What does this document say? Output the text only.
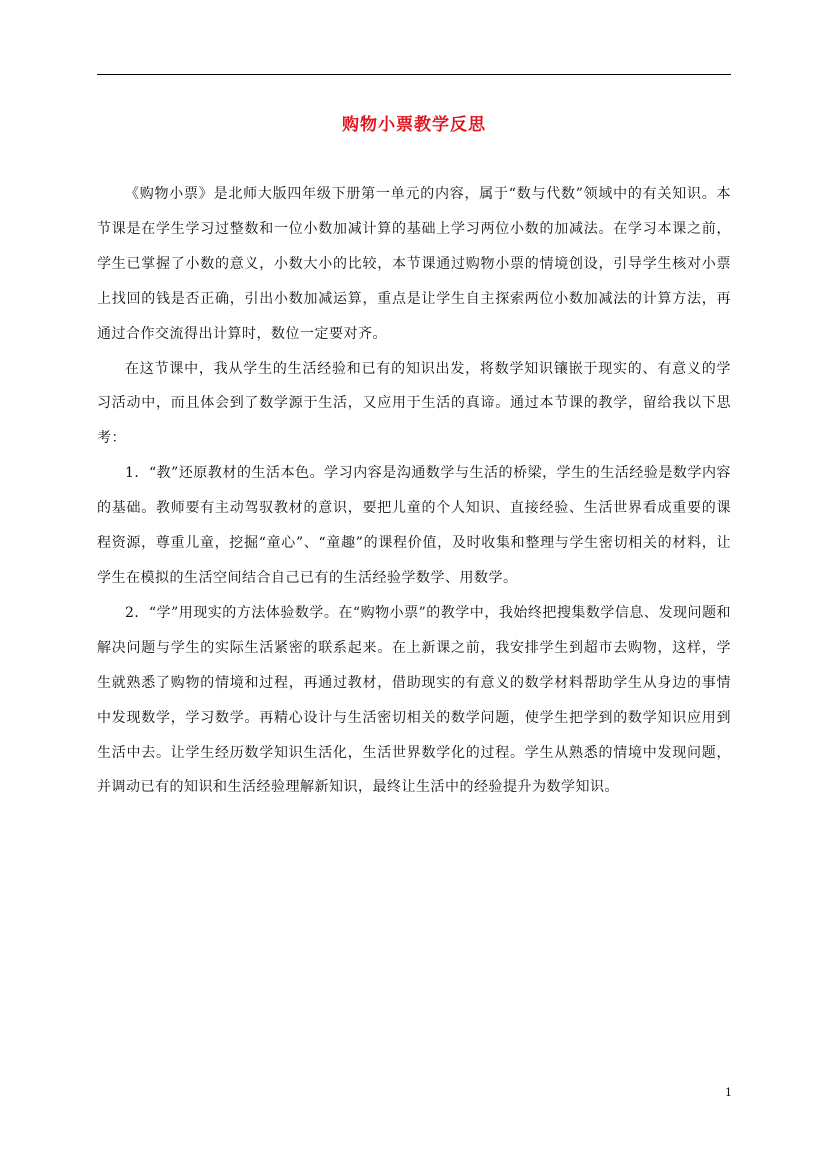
购物小票教学反思

《购物小票》是北师大版四年级下册第一单元的内容，属于“数与代数”领域中的有关知识。本节课是在学生学习过整数和一位小数加减计算的基础上学习两位小数的加减法。在学习本课之前，学生已掌握了小数的意义，小数大小的比较，本节课通过购物小票的情境创设，引导学生核对小票上找回的钱是否正确，引出小数加减运算，重点是让学生自主探索两位小数加减法的计算方法，再通过合作交流得出计算时，数位一定要对齐。

在这节课中，我从学生的生活经验和已有的知识出发，将数学知识镶嵌于现实的、有意义的学习活动中，而且体会到了数学源于生活，又应用于生活的真谛。通过本节课的教学，留给我以下思考：

1．“教”还原教材的生活本色。学习内容是沟通数学与生活的桥梁，学生的生活经验是数学内容的基础。教师要有主动驾驭教材的意识，要把儿童的个人知识、直接经验、生活世界看成重要的课程资源，尊重儿童，挖掘“童心”、“童趣”的课程价值，及时收集和整理与学生密切相关的材料，让学生在模拟的生活空间结合自己已有的生活经验学数学、用数学。

2．“学”用现实的方法体验数学。在“购物小票”的教学中，我始终把搜集数学信息、发现问题和解决问题与学生的实际生活紧密的联系起来。在上新课之前，我安排学生到超市去购物，这样，学生就熟悉了购物的情境和过程，再通过教材，借助现实的有意义的数学材料帮助学生从身边的事情中发现数学，学习数学。再精心设计与生活密切相关的数学问题，使学生把学到的数学知识应用到生活中去。让学生经历数学知识生活化，生活世界数学化的过程。学生从熟悉的情境中发现问题，并调动已有的知识和生活经验理解新知识，最终让生活中的经验提升为数学知识。

1
